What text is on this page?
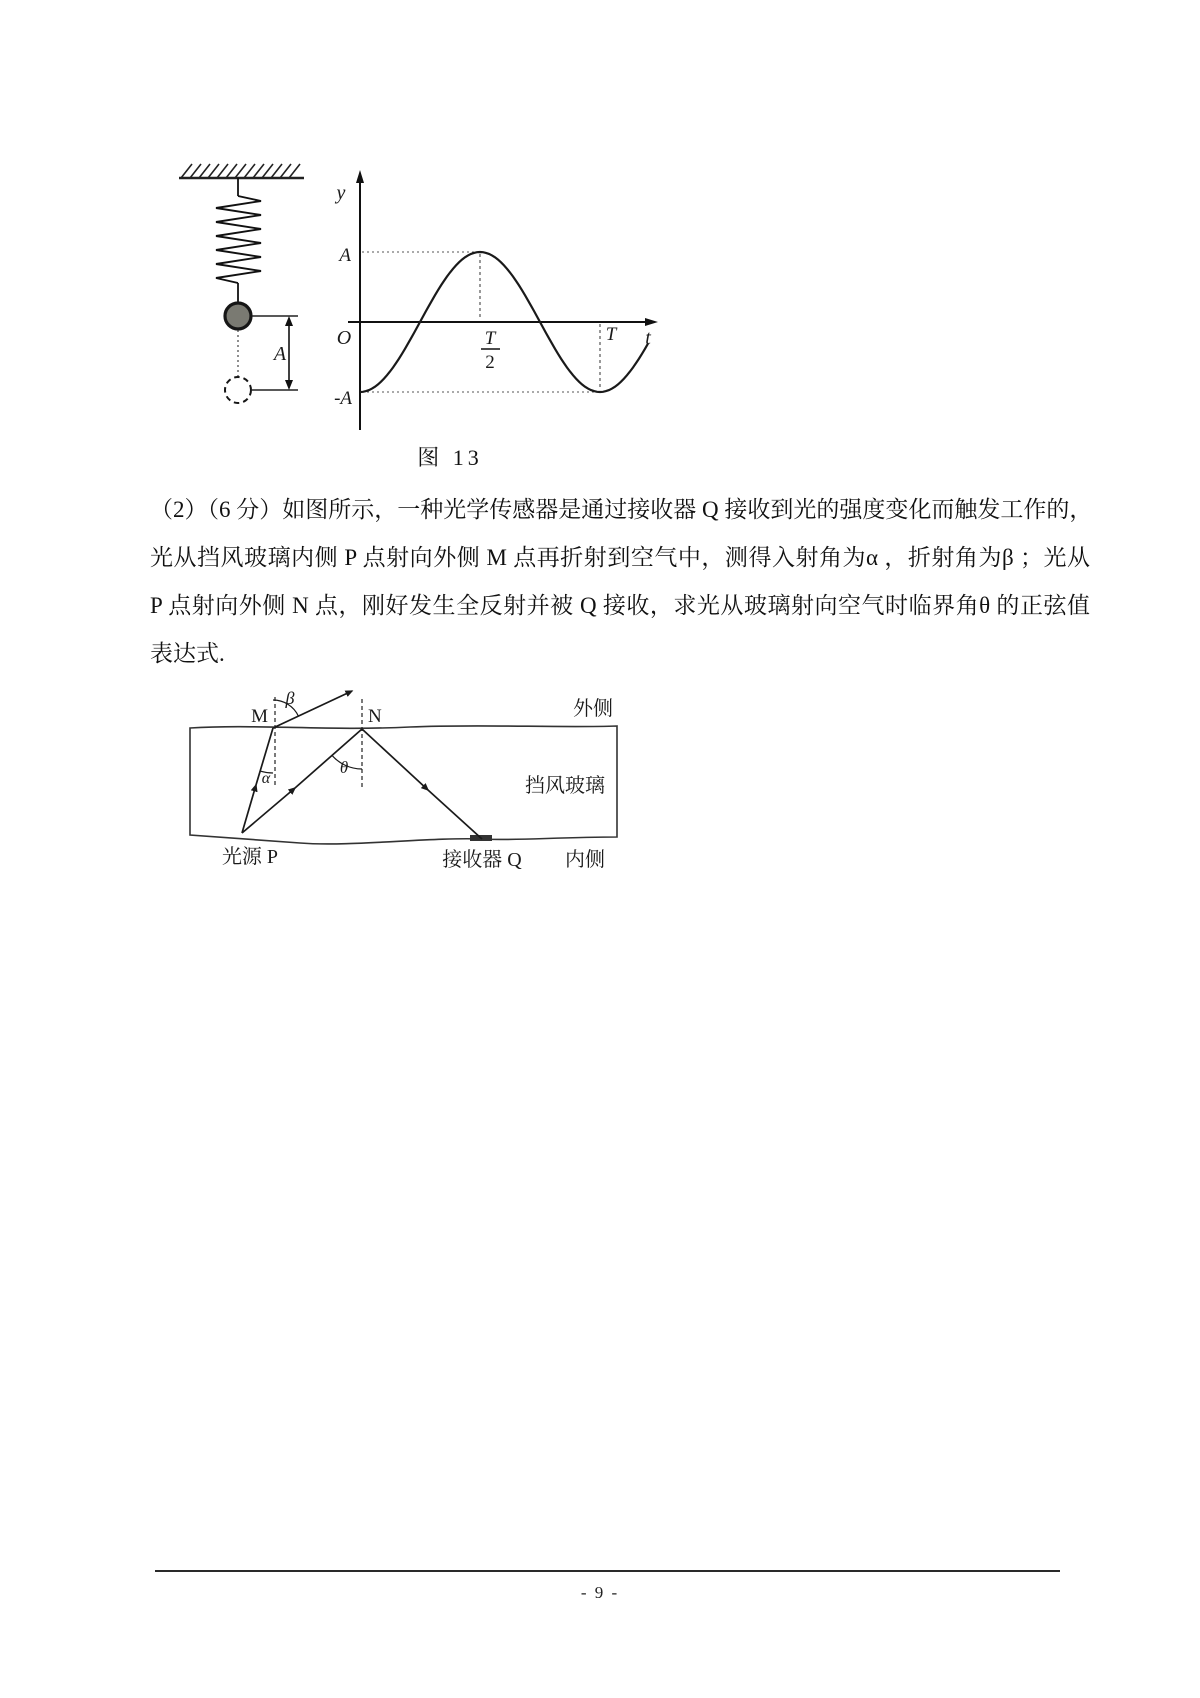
A
y
t
O
A
-A
T
2
T
图 13
（2）（6 分）如图所示，一种光学传感器是通过接收器 Q 接收到光的强度变化而触发工作的，
光从挡风玻璃内侧 P 点射向外侧 M 点再折射到空气中，测得入射角为α ，折射角为β ；光从
P 点射向外侧 N 点，刚好发生全反射并被 Q 接收，求光从玻璃射向空气时临界角θ 的正弦值
表达式.
M	N
β
α
θ
外侧
挡风玻璃
光源 P	接收器 Q 内侧
- 9 -
